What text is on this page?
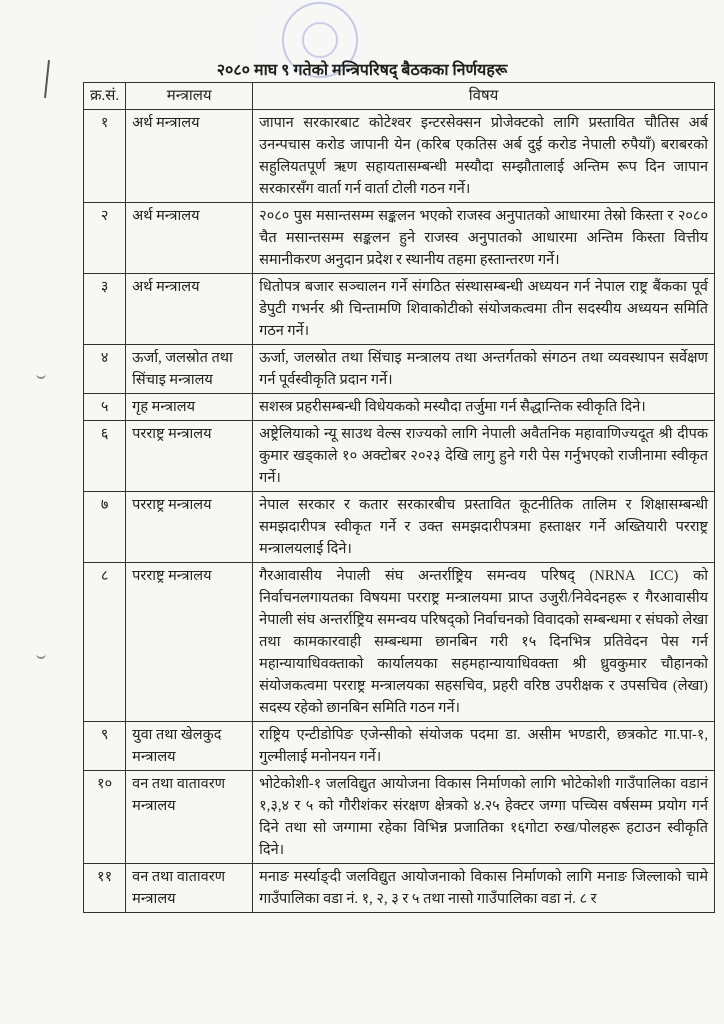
२०८० माघ ९ गतेको मन्त्रिपरिषद् बैठकका निर्णयहरू
क्र.सं.	मन्त्रालय	विषय
१	अर्थ मन्त्रालय	जापान सरकारबाट कोटेश्वर इन्टरसेक्सन प्रोजेक्टको लागि प्रस्तावित चौतिस अर्ब उनन्पचास करोड जापानी येन (करिब एकतिस अर्ब दुई करोड नेपाली रुपैयाँ) बराबरको सहुलियतपूर्ण ऋण सहायतासम्बन्धी मस्यौदा सम्झौतालाई अन्तिम रूप दिन जापान सरकारसँग वार्ता गर्न वार्ता टोली गठन गर्ने।
२	अर्थ मन्त्रालय	२०८० पुस मसान्तसम्म सङ्कलन भएको राजस्व अनुपातको आधारमा तेस्रो किस्ता र २०८० चैत मसान्तसम्म सङ्कलन हुने राजस्व अनुपातको आधारमा अन्तिम किस्ता वित्तीय समानीकरण अनुदान प्रदेश र स्थानीय तहमा हस्तान्तरण गर्ने।
३	अर्थ मन्त्रालय	धितोपत्र बजार सञ्चालन गर्ने संगठित संस्थासम्बन्धी अध्ययन गर्न नेपाल राष्ट्र बैंकका पूर्व डेपुटी गभर्नर श्री चिन्तामणि शिवाकोटीको संयोजकत्वमा तीन सदस्यीय अध्ययन समिति गठन गर्ने।
४	ऊर्जा, जलस्रोत तथा सिंचाइ मन्त्रालय	ऊर्जा, जलस्रोत तथा सिंचाइ मन्त्रालय तथा अन्तर्गतको संगठन तथा व्यवस्थापन सर्वेक्षण गर्न पूर्वस्वीकृति प्रदान गर्ने।
५	गृह मन्त्रालय	सशस्त्र प्रहरीसम्बन्धी विधेयकको मस्यौदा तर्जुमा गर्न सैद्धान्तिक स्वीकृति दिने।
६	परराष्ट्र मन्त्रालय	अष्ट्रेलियाको न्यू साउथ वेल्स राज्यको लागि नेपाली अवैतनिक महावाणिज्यदूत श्री दीपक कुमार खड्काले १० अक्टोबर २०२३ देखि लागु हुने गरी पेस गर्नुभएको राजीनामा स्वीकृत गर्ने।
७	परराष्ट्र मन्त्रालय	नेपाल सरकार र कतार सरकारबीच प्रस्तावित कूटनीतिक तालिम र शिक्षासम्बन्धी समझदारीपत्र स्वीकृत गर्ने र उक्त समझदारीपत्रमा हस्ताक्षर गर्ने अख्तियारी परराष्ट्र मन्त्रालयलाई दिने।
८	परराष्ट्र मन्त्रालय	गैरआवासीय नेपाली संघ अन्तर्राष्ट्रिय समन्वय परिषद् (NRNA ICC) को निर्वाचनलगायतका विषयमा परराष्ट्र मन्त्रालयमा प्राप्त उजुरी/निवेदनहरू र गैरआवासीय नेपाली संघ अन्तर्राष्ट्रिय समन्वय परिषद्को निर्वाचनको विवादको सम्बन्धमा र संघको लेखा तथा कामकारवाही सम्बन्धमा छानबिन गरी १५ दिनभित्र प्रतिवेदन पेस गर्न महान्यायाधिवक्ताको कार्यालयका सहमहान्यायाधिवक्ता श्री ध्रुवकुमार चौहानको संयोजकत्वमा परराष्ट्र मन्त्रालयका सहसचिव, प्रहरी वरिष्ठ उपरीक्षक र उपसचिव (लेखा) सदस्य रहेको छानबिन समिति गठन गर्ने।
९	युवा तथा खेलकुद मन्त्रालय	राष्ट्रिय एन्टीडोपिङ एजेन्सीको संयोजक पदमा डा. असीम भण्डारी, छत्रकोट गा.पा-१, गुल्मीलाई मनोनयन गर्ने।
१०	वन तथा वातावरण मन्त्रालय	भोटेकोशी-१ जलविद्युत आयोजना विकास निर्माणको लागि भोटेकोशी गाउँपालिका वडानं १,३,४ र ५ को गौरीशंकर संरक्षण क्षेत्रको ४.२५ हेक्टर जग्गा पच्चिस वर्षसम्म प्रयोग गर्न दिने तथा सो जग्गामा रहेका विभिन्न प्रजातिका १६गोटा रुख/पोलहरू हटाउन स्वीकृति दिने।
११	वन तथा वातावरण मन्त्रालय	मनाङ मर्स्याङ्दी जलविद्युत आयोजनाको विकास निर्माणको लागि मनाङ जिल्लाको चामे गाउँपालिका वडा नं. १, २, ३ र ५ तथा नासो गाउँपालिका वडा नं. ८ र
